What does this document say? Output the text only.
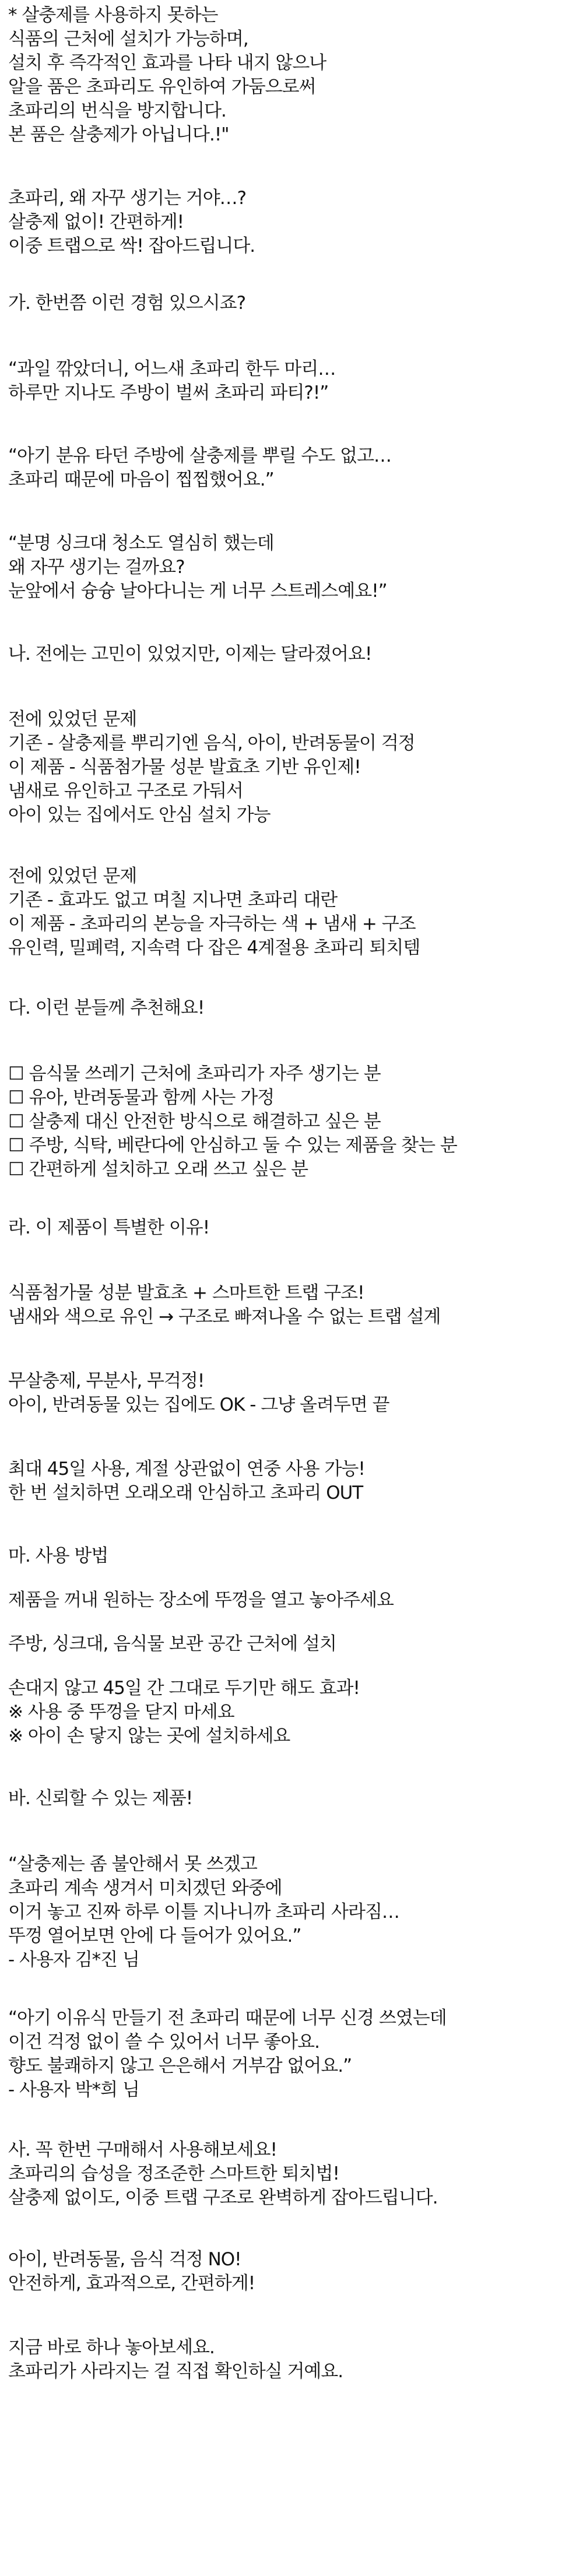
* 살충제를 사용하지 못하는
식품의 근처에 설치가 가능하며,
설치 후 즉각적인 효과를 나타 내지 않으나
알을 품은 초파리도 유인하여 가둠으로써
초파리의 번식을 방지합니다.
본 품은 살충제가 아닙니다.!"
초파리, 왜 자꾸 생기는 거야…?
살충제 없이! 간편하게!
이중 트랩으로 싹! 잡아드립니다.
가. 한번쯤 이런 경험 있으시죠?
“과일 깎았더니, 어느새 초파리 한두 마리…
하루만 지나도 주방이 벌써 초파리 파티?!”
“아기 분유 타던 주방에 살충제를 뿌릴 수도 없고…
초파리 때문에 마음이 찝찝했어요.”
“분명 싱크대 청소도 열심히 했는데
왜 자꾸 생기는 걸까요?
눈앞에서 슝슝 날아다니는 게 너무 스트레스예요!”
나. 전에는 고민이 있었지만, 이제는 달라졌어요!
전에 있었던 문제
기존 - 살충제를 뿌리기엔 음식, 아이, 반려동물이 걱정
이 제품 - 식품첨가물 성분 발효초 기반 유인제!
냄새로 유인하고 구조로 가둬서
아이 있는 집에서도 안심 설치 가능
전에 있었던 문제
기존 - 효과도 없고 며칠 지나면 초파리 대란
이 제품 - 초파리의 본능을 자극하는 색 + 냄새 + 구조
유인력, 밀폐력, 지속력 다 잡은 4계절용 초파리 퇴치템
다. 이런 분들께 추천해요!
☐ 음식물 쓰레기 근처에 초파리가 자주 생기는 분
☐ 유아, 반려동물과 함께 사는 가정
☐ 살충제 대신 안전한 방식으로 해결하고 싶은 분
☐ 주방, 식탁, 베란다에 안심하고 둘 수 있는 제품을 찾는 분
☐ 간편하게 설치하고 오래 쓰고 싶은 분
라. 이 제품이 특별한 이유!
식품첨가물 성분 발효초 + 스마트한 트랩 구조!
냄새와 색으로 유인 → 구조로 빠져나올 수 없는 트랩 설계
무살충제, 무분사, 무걱정!
아이, 반려동물 있는 집에도 OK - 그냥 올려두면 끝
최대 45일 사용, 계절 상관없이 연중 사용 가능!
한 번 설치하면 오래오래 안심하고 초파리 OUT
마. 사용 방법
제품을 꺼내 원하는 장소에 뚜껑을 열고 놓아주세요
주방, 싱크대, 음식물 보관 공간 근처에 설치
손대지 않고 45일 간 그대로 두기만 해도 효과!
※ 사용 중 뚜껑을 닫지 마세요
※ 아이 손 닿지 않는 곳에 설치하세요
바. 신뢰할 수 있는 제품!
“살충제는 좀 불안해서 못 쓰겠고
초파리 계속 생겨서 미치겠던 와중에
이거 놓고 진짜 하루 이틀 지나니까 초파리 사라짐…
뚜껑 열어보면 안에 다 들어가 있어요.”
- 사용자 김*진 님
“아기 이유식 만들기 전 초파리 때문에 너무 신경 쓰였는데
이건 걱정 없이 쓸 수 있어서 너무 좋아요.
향도 불쾌하지 않고 은은해서 거부감 없어요.”
- 사용자 박*희 님
사. 꼭 한번 구매해서 사용해보세요!
초파리의 습성을 정조준한 스마트한 퇴치법!
살충제 없이도, 이중 트랩 구조로 완벽하게 잡아드립니다.
아이, 반려동물, 음식 걱정 NO!
안전하게, 효과적으로, 간편하게!
지금 바로 하나 놓아보세요.
초파리가 사라지는 걸 직접 확인하실 거예요.
